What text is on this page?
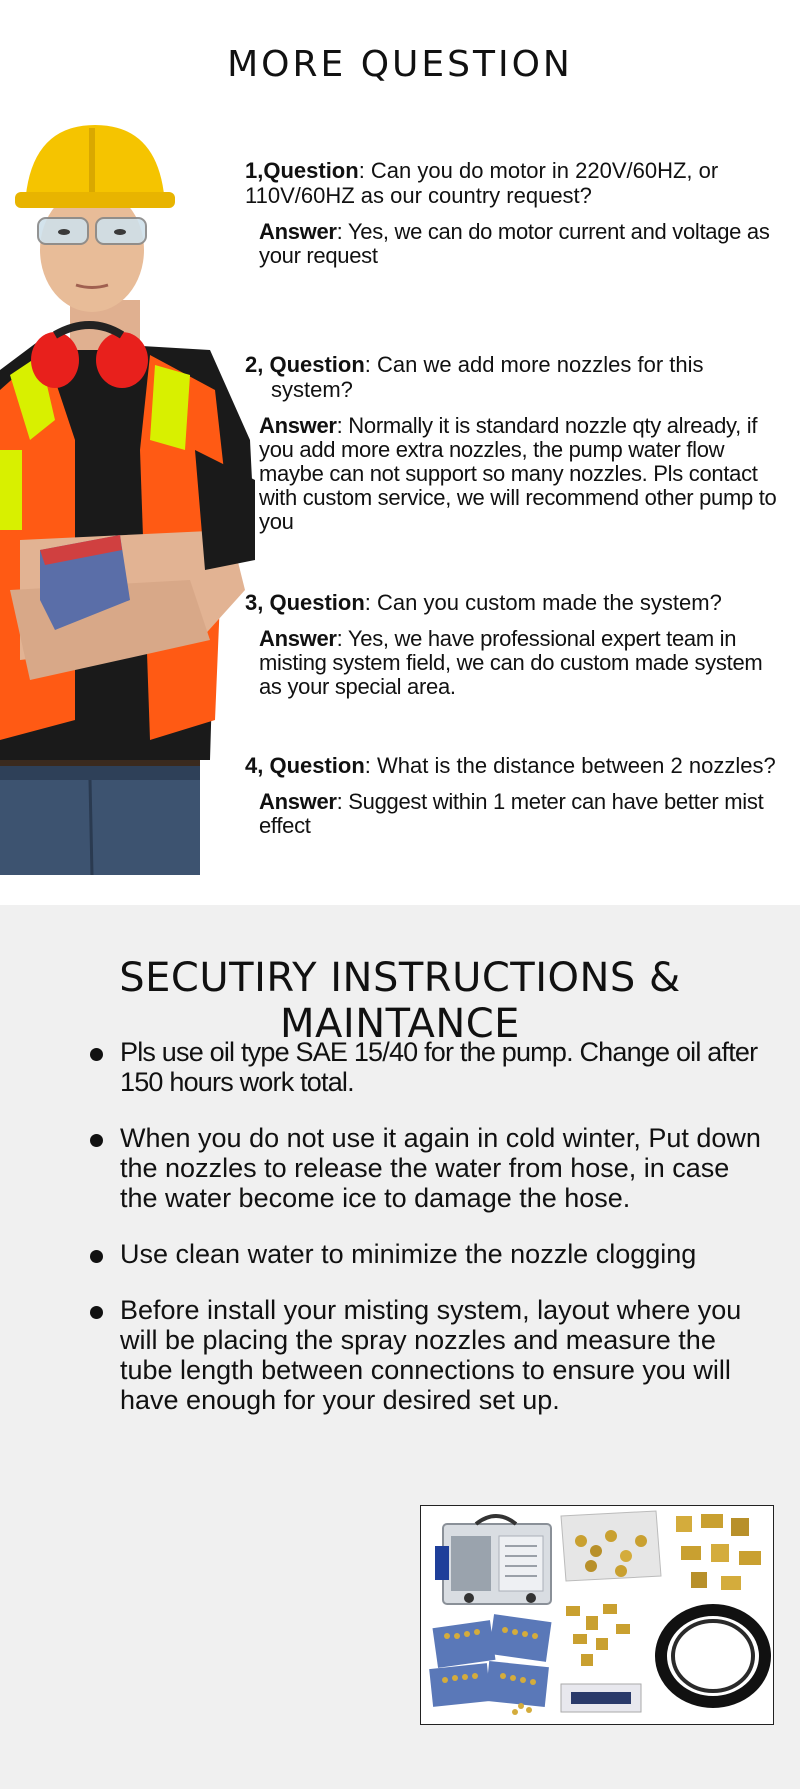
MORE QUESTION

1,Question: Can you do motor in 220V/60HZ, or 110V/60HZ as our country request?

Answer: Yes, we can do motor current and voltage as your request

2, Question: Can we add more nozzles for this
system?

Answer: Normally it is standard nozzle qty already, if you add more extra nozzles, the pump water flow maybe can not support so many nozzles. Pls contact with custom service, we will recommend other pump to you

3, Question: Can you custom made the system?

Answer: Yes, we have professional expert team in misting system field, we can do custom made system as your special area.

4, Question: What is the distance between 2 nozzles?

Answer: Suggest within 1 meter can have better mist effect

SECUTIRY INSTRUCTIONS & MAINTANCE
Pls use oil type SAE 15/40 for the pump. Change oil after 150 hours work total.
When you do not use it again in cold winter, Put down the nozzles to release the water from hose, in case the water become ice to damage the hose.
Use clean water to minimize the nozzle clogging
Before install your misting system, layout where you will be placing the spray nozzles and measure the tube length between connections to ensure you will have enough for your desired set up.
